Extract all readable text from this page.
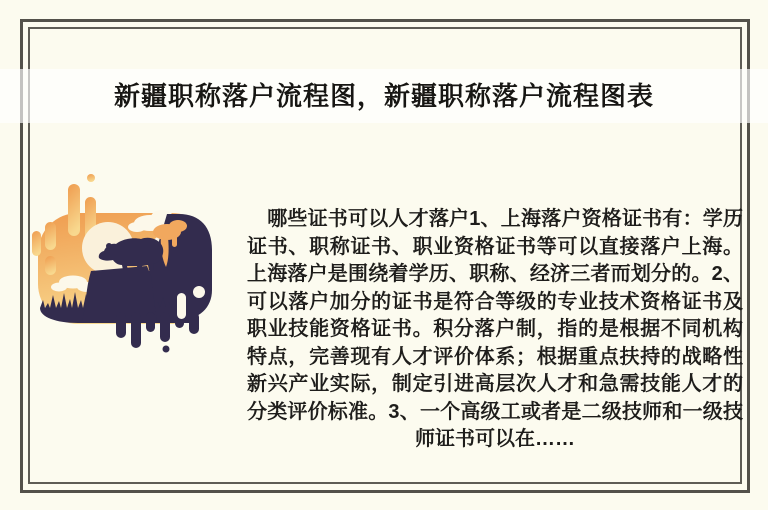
新疆职称落户流程图，新疆职称落户流程图表
　哪些证书可以人才落户1、上海落户资格证书有：学历证书、职称证书、职业资格证书等可以直接落户上海。上海落户是围绕着学历、职称、经济三者而划分的。2、可以落户加分的证书是符合等级的专业技术资格证书及职业技能资格证书。积分落户制，指的是根据不同机构特点，完善现有人才评价体系；根据重点扶持的战略性新兴产业实际，制定引进高层次人才和急需技能人才的分类评价标准。3、一个高级工或者是二级技师和一级技师证书可以在……
